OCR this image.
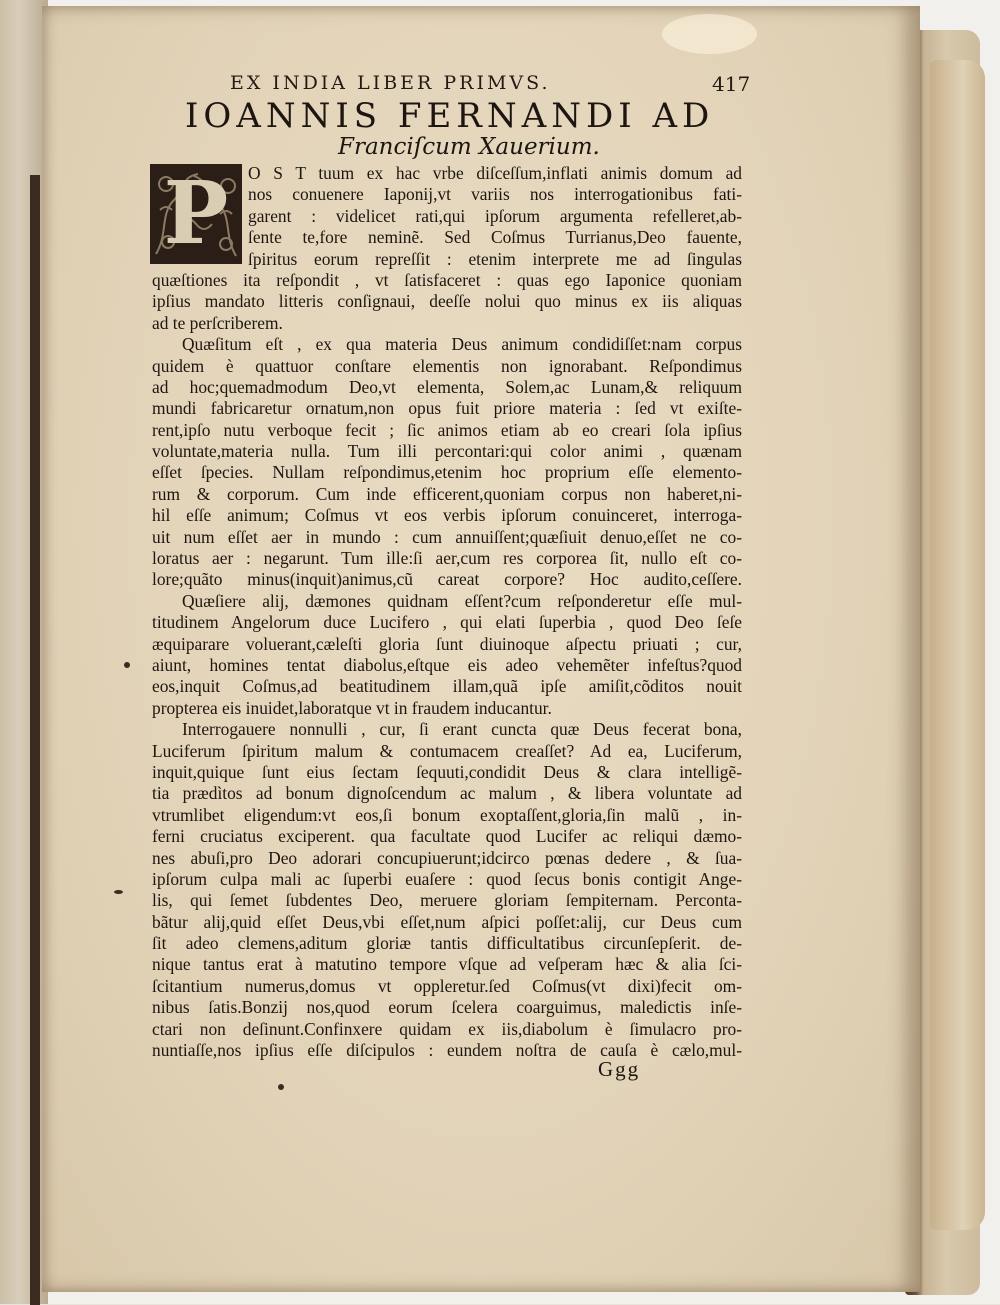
EX INDIA LIBER PRIMVS.	417
IOANNIS FERNANDI AD
Franciſcum Xauerium.
P	O S T tuum ex hac vrbe diſceſſum,inflati animis domum ad
nos conuenere Iaponij,vt variis nos interrogationibus fati-
garent : videlicet rati,qui ipſorum argumenta refelleret,ab-
ſente te,fore neminẽ. Sed Coſmus Turrianus,Deo fauente,
ſpiritus eorum repreſſit : etenim interprete me ad ſingulas
quæſtiones ita reſpondit , vt ſatisfaceret : quas ego Iaponice quoniam
ipſius mandato litteris conſignaui, deeſſe nolui quo minus ex iis aliquas
ad te perſcriberem.
Quæſitum eſt , ex qua materia Deus animum condidiſſet:nam corpus
quidem è quattuor conſtare elementis non ignorabant. Reſpondimus
ad hoc;quemadmodum Deo,vt elementa, Solem,ac Lunam,& reliquum
mundi fabricaretur ornatum,non opus fuit priore materia : ſed vt exiſte-
rent,ipſo nutu verboque fecit ; ſic animos etiam ab eo creari ſola ipſius
voluntate,materia nulla. Tum illi percontari:qui color animi , quænam
eſſet ſpecies. Nullam reſpondimus,etenim hoc proprium eſſe elemento-
rum & corporum. Cum inde efficerent,quoniam corpus non haberet,ni-
hil eſſe animum; Coſmus vt eos verbis ipſorum conuinceret, interroga-
uit num eſſet aer in mundo : cum annuiſſent;quæſiuit denuo,eſſet ne co-
loratus aer : negarunt. Tum ille:ſi aer,cum res corporea ſit, nullo eſt co-
lore;quãto minus(inquit)animus,cũ careat corpore? Hoc audito,ceſſere.
Quæſiere alij, dæmones quidnam eſſent?cum reſponderetur eſſe mul-
titudinem Angelorum duce Lucifero , qui elati ſuperbia , quod Deo ſeſe
æquiparare voluerant,cæleſti gloria ſunt diuinoque aſpectu priuati ; cur,
aiunt, homines tentat diabolus,eſtque eis adeo vehemẽter infeſtus?quod
eos,inquit Coſmus,ad beatitudinem illam,quã ipſe amiſit,cõditos nouit
propterea eis inuidet,laboratque vt in fraudem inducantur.
Interrogauere nonnulli , cur, ſi erant cuncta quæ Deus fecerat bona,
Luciferum ſpiritum malum & contumacem creaſſet? Ad ea, Luciferum,
inquit,quique ſunt eius ſectam ſequuti,condidit Deus & clara intelligẽ-
tia prædìtos ad bonum dignoſcendum ac malum , & libera voluntate ad
vtrumlibet eligendum:vt eos,ſi bonum exoptaſſent,gloria,ſin malũ , in-
ferni cruciatus exciperent. qua facultate quod Lucifer ac reliqui dæmo-
nes abuſi,pro Deo adorari concupiuerunt;idcirco pœnas dedere , & ſua-
ipſorum culpa mali ac ſuperbi euaſere : quod ſecus bonis contigit Ange-
lis, qui ſemet ſubdentes Deo, meruere gloriam ſempiternam. Perconta-
bãtur alij,quid eſſet Deus,vbi eſſet,num aſpici poſſet:alij, cur Deus cum
ſit adeo clemens,aditum gloriæ tantis difficultatibus circunſepſerit. de-
nique tantus erat à matutino tempore vſque ad veſperam hæc & alia ſci-
ſcitantium numerus,domus vt oppleretur.ſed Coſmus(vt dixi)fecit om-
nibus ſatis.Bonzij nos,quod eorum ſcelera coarguimus, maledictis inſe-
ctari non deſinunt.Confinxere quidam ex iis,diabolum è ſimulacro pro-
nuntiaſſe,nos ipſius eſſe diſcipulos : eundem noſtra de cauſa è cælo,mul-
Ggg
